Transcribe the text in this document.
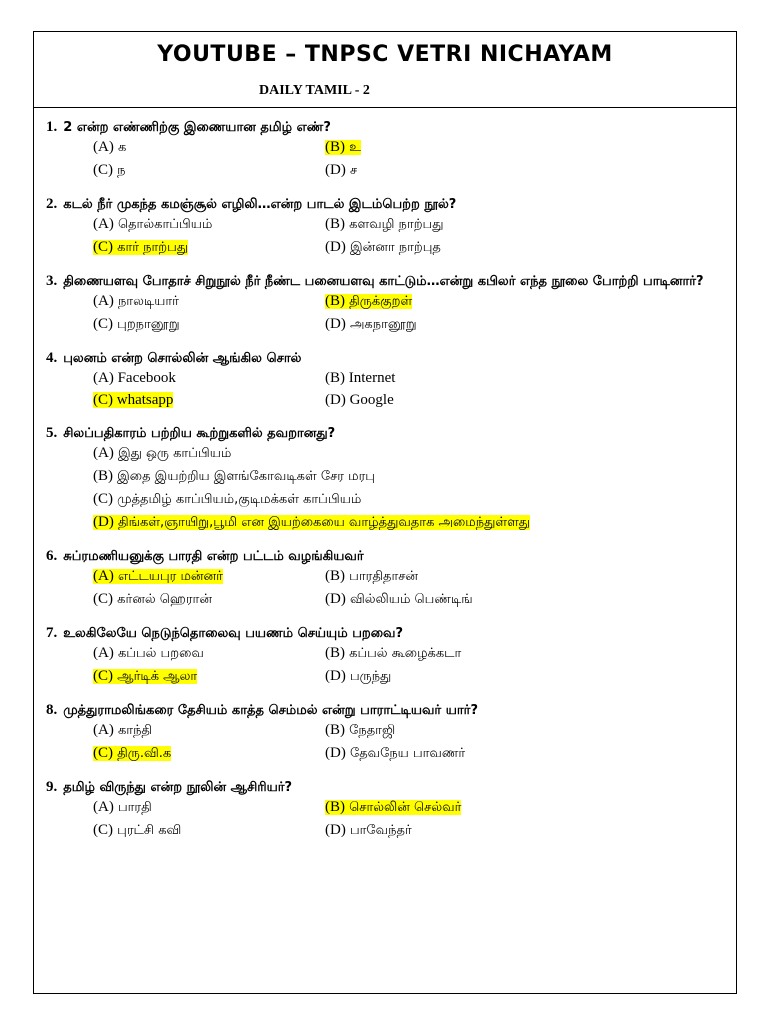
YOUTUBE – TNPSC VETRI NICHAYAM
DAILY TAMIL - 2
1. 2 என்ற எண்ணிற்கு இணையான தமிழ் எண்?
(A) க	(B) உ
(C) ந	(D) ச
2. கடல் நீர் முகந்த கமஞ்சூல் எழிலி…என்ற பாடல் இடம்பெற்ற நூல்?
(A) தொல்காப்பியம்	(B) களவழி நாற்பது
(C) கார் நாற்பது	(D) இன்னா நாற்புத
3. திணையளவு போதாச் சிறுநூல் நீர் நீண்ட பனையளவு காட்டும்…என்று கபிலர் எந்த நூலை போற்றி பாடினார்?
(A) நாலடியார்	(B) திருக்குறள்
(C) புறநானூறு	(D) அகநானூறு
4. புலனம் என்ற சொல்லின் ஆங்கில சொல்
(A) Facebook	(B) Internet
(C) whatsapp	(D) Google
5. சிலப்பதிகாரம் பற்றிய கூற்றுகளில் தவறானது?
(A) இது ஒரு காப்பியம்
(B) இதை இயற்றிய இளங்கோவடிகள் சேர மரபு
(C) முத்தமிழ் காப்பியம்,குடிமக்கள் காப்பியம்
(D) திங்கள்,ஞாயிறு,பூமி என இயற்கையை வாழ்த்துவதாக அமைந்துள்ளது
6. சுப்ரமணியனுக்கு பாரதி என்ற பட்டம் வழங்கியவர்
(A) எட்டயபுர மன்னர்	(B) பாரதிதாசன்
(C) கர்னல் ஹெரான்	(D) வில்லியம் பெண்டிங்
7. உலகிலேயே நெடுந்தொலைவு பயணம் செய்யும் பறவை?
(A) கப்பல் பறவை	(B) கப்பல் கூழைக்கடா
(C) ஆர்டிக் ஆலா	(D) பருந்து
8. முத்துராமலிங்கரை தேசியம் காத்த செம்மல் என்று பாராட்டியவர் யார்?
(A) காந்தி	(B) நேதாஜி
(C) திரு.வி.க	(D) தேவநேய பாவணர்
9. தமிழ் விருந்து என்ற நூலின் ஆசிரியர்?
(A) பாரதி	(B) சொல்லின் செல்வர்
(C) புரட்சி கவி	(D) பாவேந்தர்
